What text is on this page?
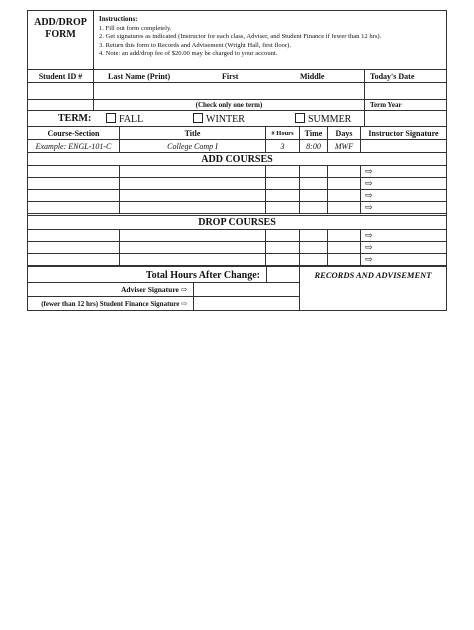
ADD/DROP
FORM
Instructions:
1. Fill out form completely.
2. Get signatures as indicated (Instructor for each class, Adviser, and Student Finance if fewer than 12 hrs).
3. Return this form to Records and Advisement (Wright Hall, first floor).
4. Note: an add/drop fee of $20.00 may be charged to your account.
Student ID #	Last Name (Print)	First	Middle	Today's Date
(Check only one term)	Term Year
TERM:	FALL	WINTER	SUMMER
Course-Section	Title	# Hours	Time	Days	Instructor Signature
Example: ENGL-101-C	College Comp I	3	8:00	MWF
ADD COURSES
⇨
⇨
⇨
⇨
DROP COURSES
⇨
⇨
⇨
Total Hours After Change:	RECORDS AND ADVISEMENT
Adviser Signature ⇨
(fewer than 12 hrs) Student Finance Signature ⇨
